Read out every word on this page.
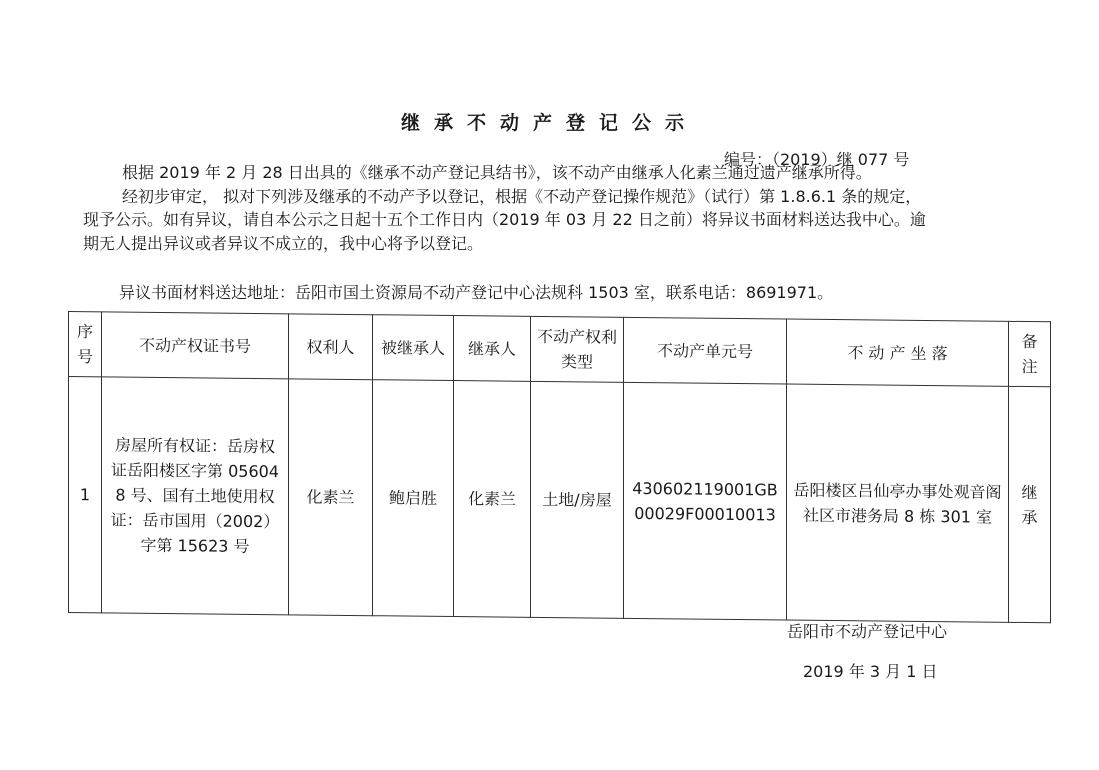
继承不动产登记公示
编号：（2019）继 077 号
根据 2019 年 2 月 28 日出具的《继承不动产登记具结书》，该不动产由继承人化素兰通过遗产继承所得。
经初步审定， 拟对下列涉及继承的不动产予以登记，根据《不动产登记操作规范》（试行）第 1.8.6.1 条的规定，
现予公示。如有异议，请自本公示之日起十五个工作日内（2019 年 03 月 22 日之前）将异议书面材料送达我中心。逾
期无人提出异议或者异议不成立的，我中心将予以登记。
异议书面材料送达地址：岳阳市国土资源局不动产登记中心法规科 1503 室，联系电话：8691971。
序号	不动产权证书号	权利人	被继承人	继承人	不动产权利类型	不动产单元号	不 动 产 坐 落	备注
1	房屋所有权证：岳房权证岳阳楼区字第 056048 号、国有土地使用权证：岳市国用（2002）字第 15623 号	化素兰	鲍启胜	化素兰	土地/房屋	430602119001GB00029F00010013	岳阳楼区吕仙亭办事处观音阁社区市港务局 8 栋 301 室	继承
岳阳市不动产登记中心
2019 年 3 月 1 日
